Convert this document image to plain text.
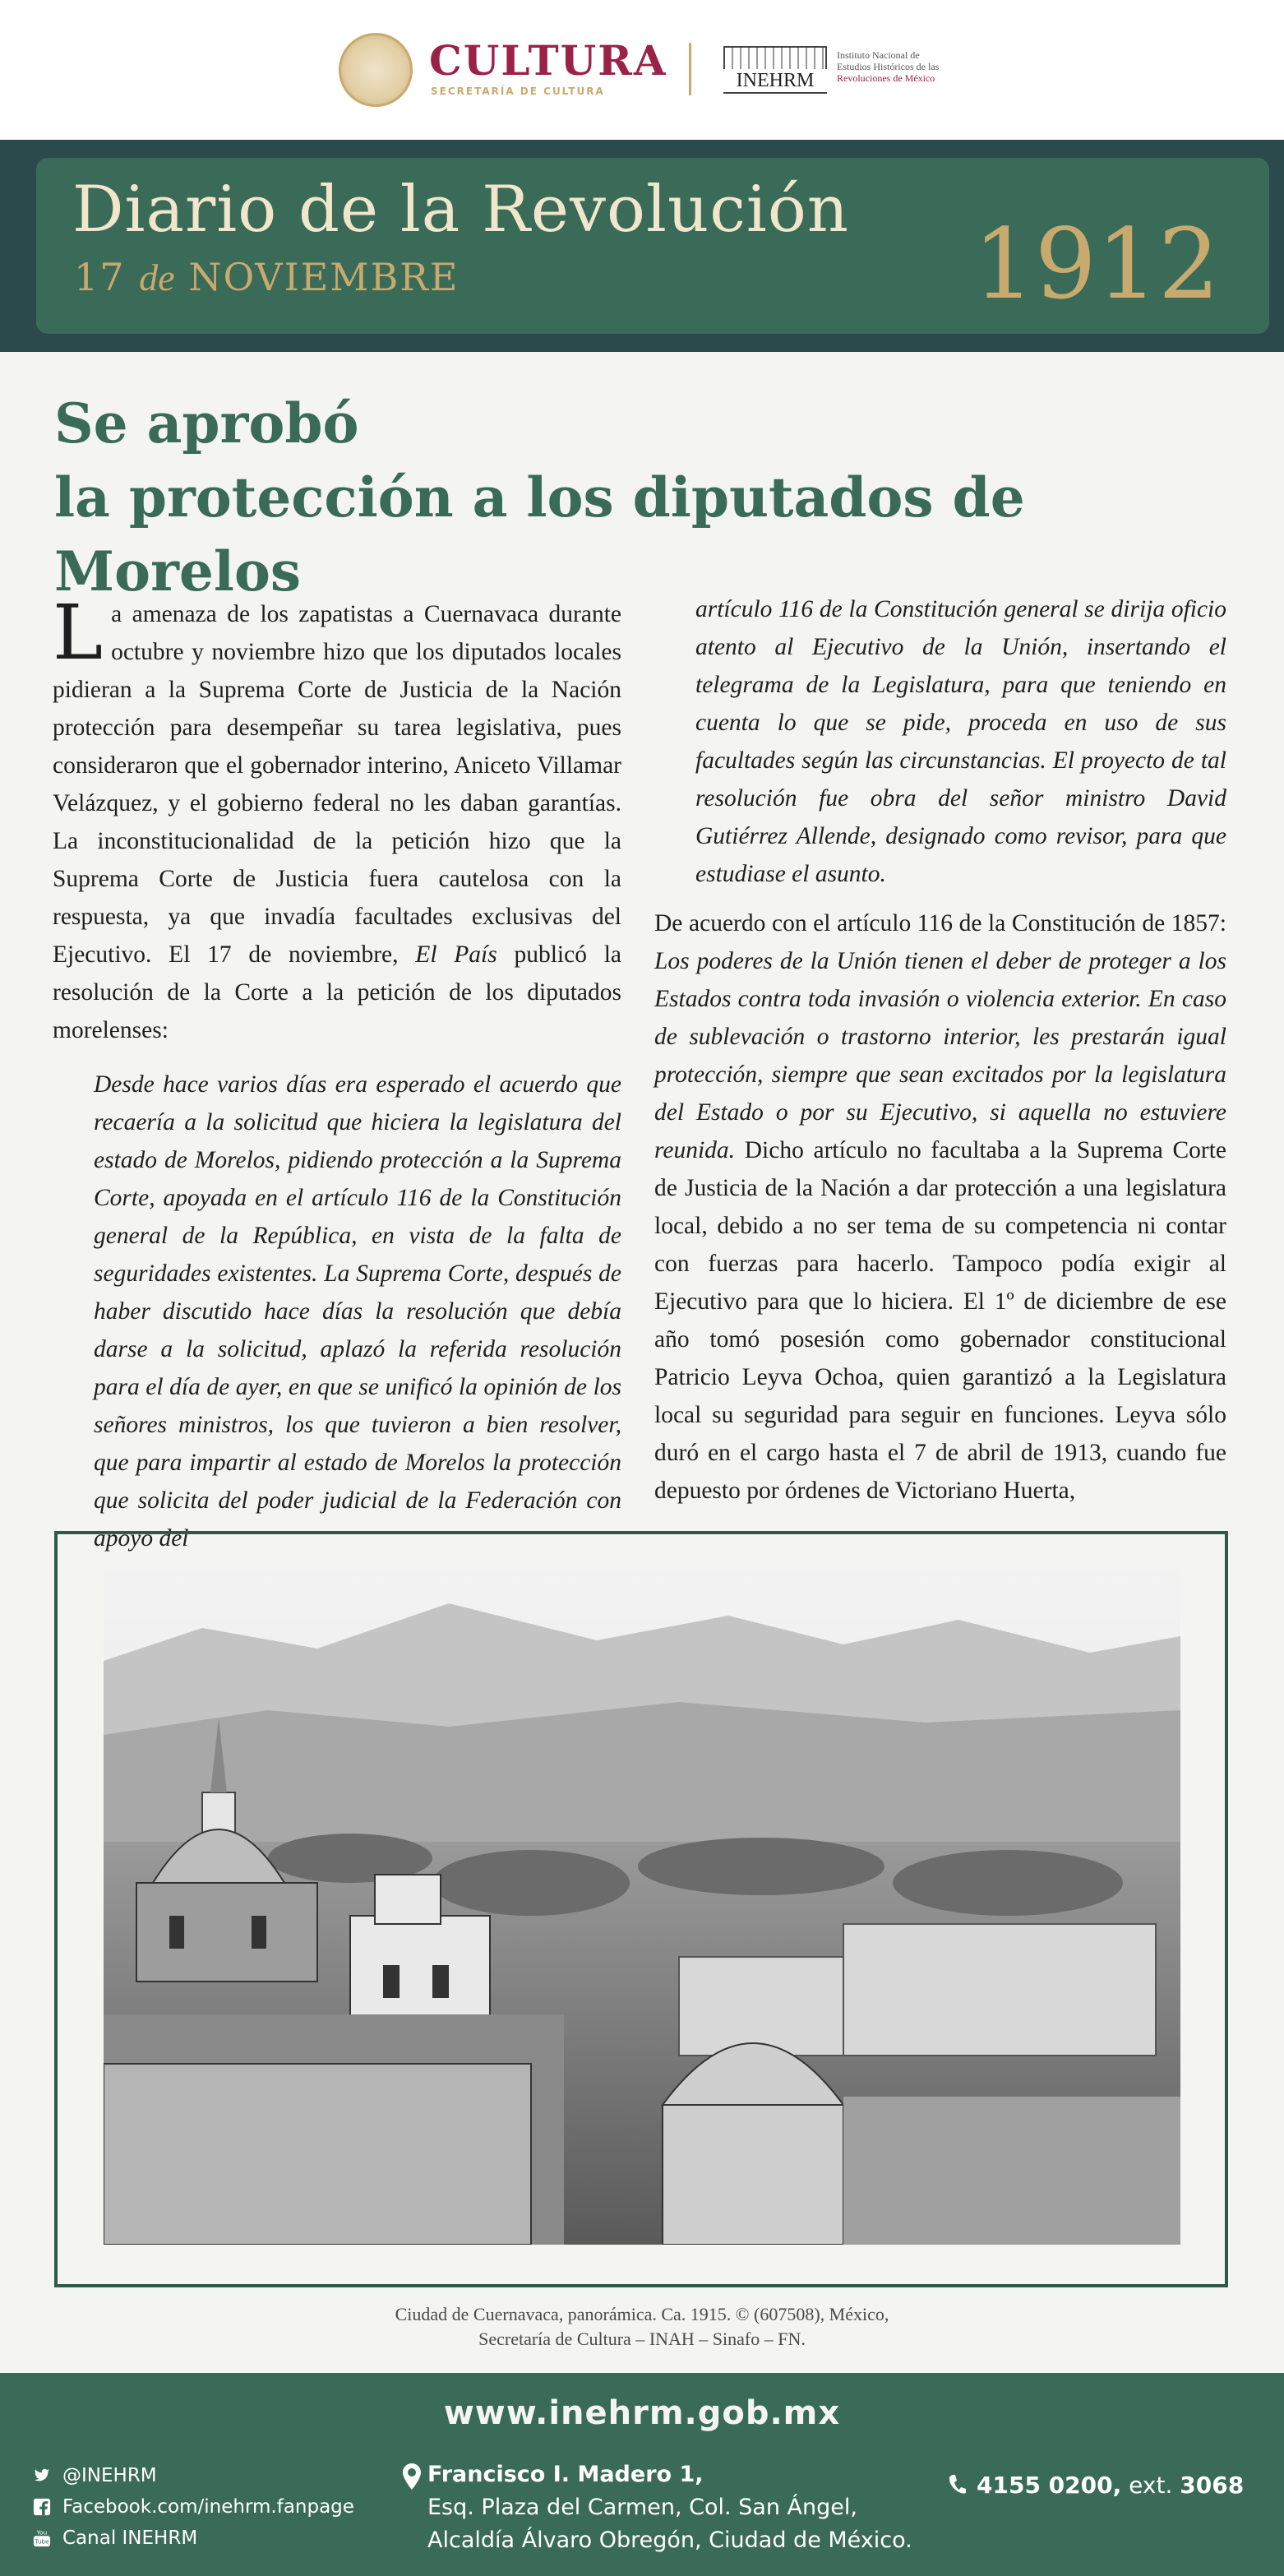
CULTURA
SECRETARÍA DE CULTURA	INEHRM
Instituto Nacional de
Estudios Históricos de las
Revoluciones de México
Diario de la Revolución
17 de NOVIEMBRE	1912
Se aprobó
la protección a los diputados de Morelos

La amenaza de los zapatistas a Cuernavaca durante octubre y noviembre hizo que los diputados locales pidieran a la Suprema Corte de Justicia de la Nación protección para desempeñar su tarea legislativa, pues consideraron que el gobernador interino, Aniceto Villamar Velázquez, y el gobierno federal no les daban garantías. La inconstitucionalidad de la petición hizo que la Suprema Corte de Justicia fuera cautelosa con la respuesta, ya que invadía facultades exclusivas del Ejecutivo. El 17 de noviembre, El País publicó la resolución de la Corte a la petición de los diputados morelenses:

Desde hace varios días era esperado el acuerdo que recaería a la solicitud que hiciera la legislatura del estado de Morelos, pidiendo protección a la Suprema Corte, apoyada en el artículo 116 de la Constitución general de la República, en vista de la falta de seguridades existentes. La Suprema Corte, después de haber discutido hace días la resolución que debía darse a la solicitud, aplazó la referida resolución para el día de ayer, en que se unificó la opinión de los señores ministros, los que tuvieron a bien resolver, que para impartir al estado de Morelos la protección que solicita del poder judicial de la Federación con apoyo del

artículo 116 de la Constitución general se dirija oficio atento al Ejecutivo de la Unión, insertando el telegrama de la Legislatura, para que teniendo en cuenta lo que se pide, proceda en uso de sus facultades según las circunstancias. El proyecto de tal resolución fue obra del señor ministro David Gutiérrez Allende, designado como revisor, para que estudiase el asunto.

De acuerdo con el artículo 116 de la Constitución de 1857: Los poderes de la Unión tienen el deber de proteger a los Estados contra toda invasión o violencia exterior. En caso de sublevación o trastorno interior, les prestarán igual protección, siempre que sean excitados por la legislatura del Estado o por su Ejecutivo, si aquella no estuviere reunida. Dicho artículo no facultaba a la Suprema Corte de Justicia de la Nación a dar protección a una legislatura local, debido a no ser tema de su competencia ni contar con fuerzas para hacerlo. Tampoco podía exigir al Ejecutivo para que lo hiciera. El 1º de diciembre de ese año tomó posesión como gobernador constitucional Patricio Leyva Ochoa, quien garantizó a la Legislatura local su seguridad para seguir en funciones. Leyva sólo duró en el cargo hasta el 7 de abril de 1913, cuando fue depuesto por órdenes de Victoriano Huerta,

Ciudad de Cuernavaca, panorámica. Ca. 1915. © (607508), México,
Secretaría de Cultura – INAH – Sinafo – FN.
www.inehrm.gob.mx
@INEHRM
Facebook.com/inehrm.fanpage
You
Tube Canal INEHRM
Francisco I. Madero 1,
Esq. Plaza del Carmen, Col. San Ángel,
Alcaldía Álvaro Obregón, Ciudad de México.
4155 0200, ext. 3068
